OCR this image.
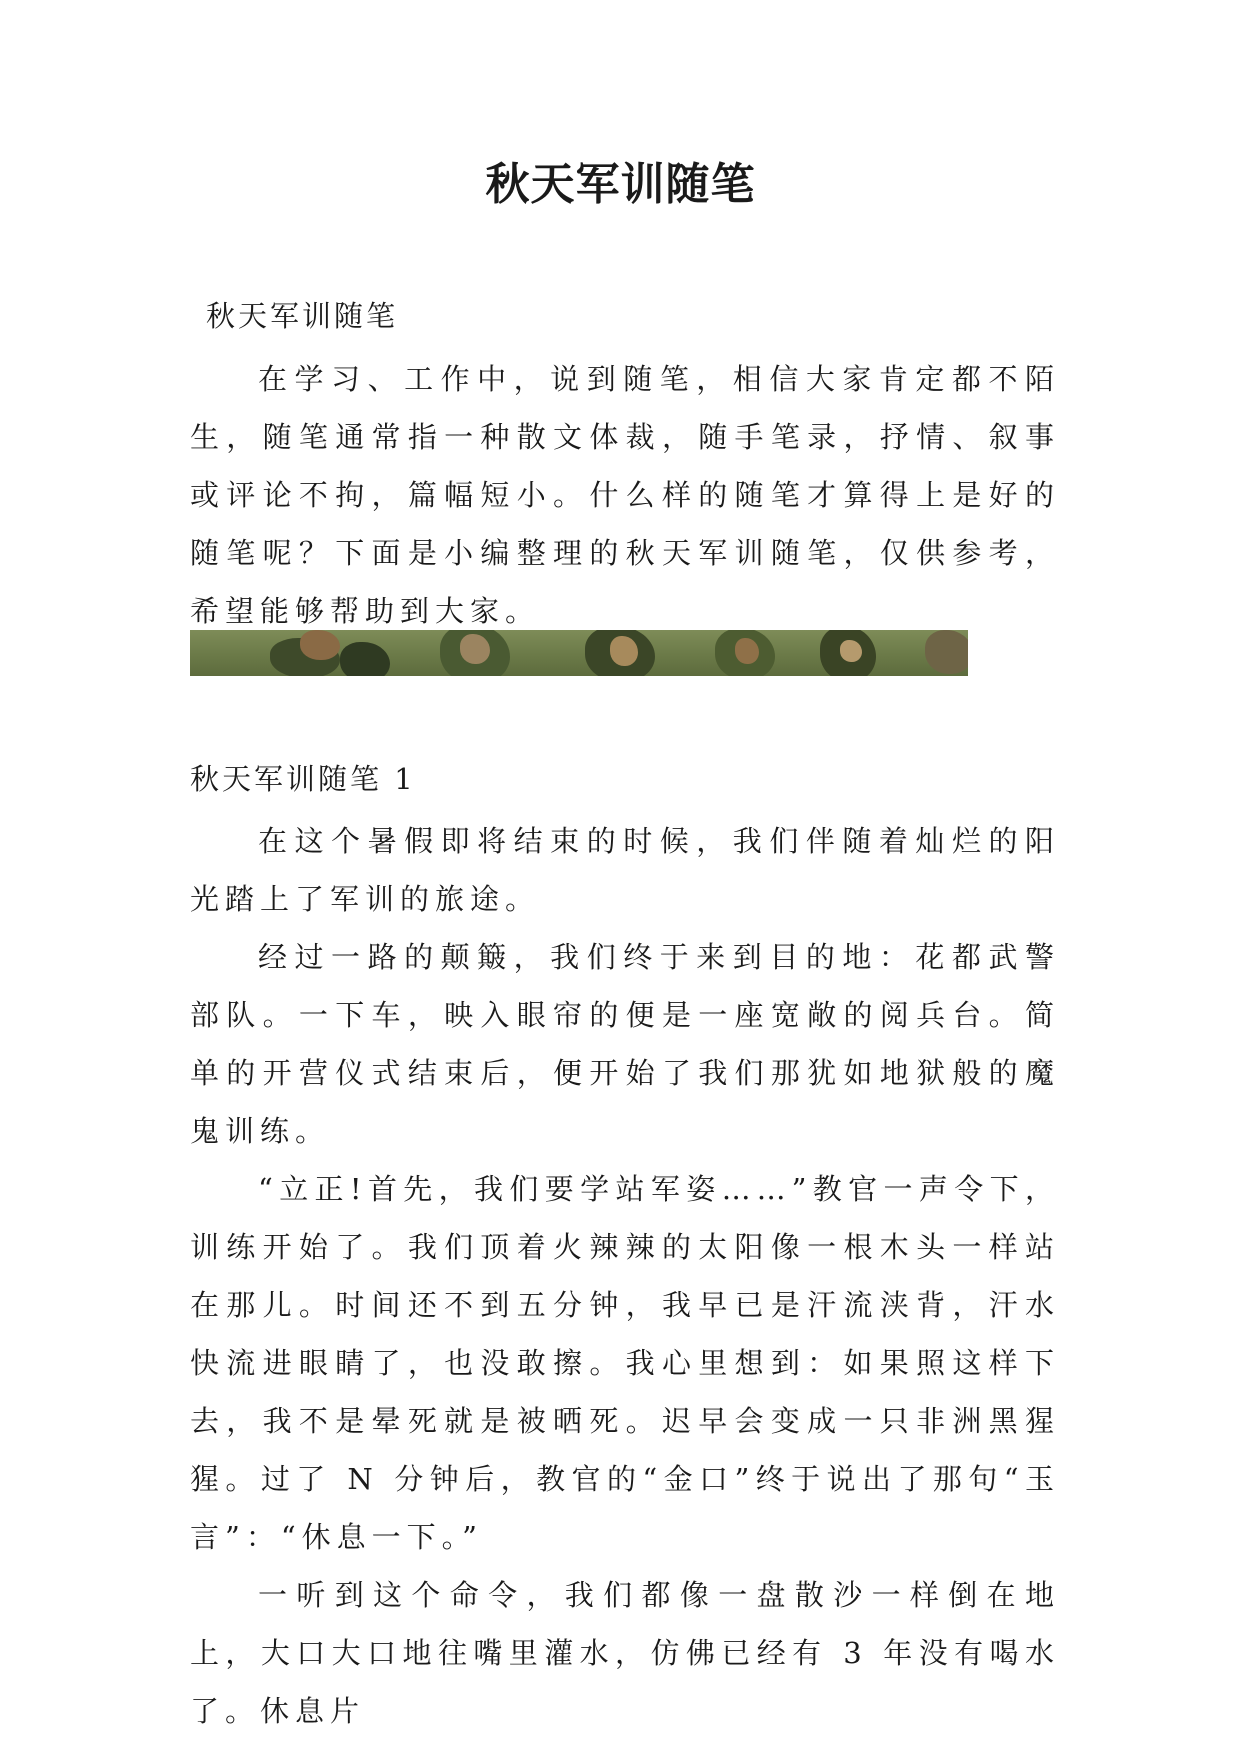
秋天军训随笔
秋天军训随笔

在学习、工作中，说到随笔，相信大家肯定都不陌生，随笔通常指一种散文体裁，随手笔录，抒情、叙事或评论不拘，篇幅短小。什么样的随笔才算得上是好的随笔呢？下面是小编整理的秋天军训随笔，仅供参考，希望能够帮助到大家。

秋天军训随笔 1

在这个暑假即将结束的时候，我们伴随着灿烂的阳光踏上了军训的旅途。

经过一路的颠簸，我们终于来到目的地：花都武警部队。一下车，映入眼帘的便是一座宽敞的阅兵台。简单的开营仪式结束后，便开始了我们那犹如地狱般的魔鬼训练。

“立正!首先，我们要学站军姿……”教官一声令下，训练开始了。我们顶着火辣辣的太阳像一根木头一样站在那儿。时间还不到五分钟，我早已是汗流浃背，汗水快流进眼睛了，也没敢擦。我心里想到：如果照这样下去，我不是晕死就是被晒死。迟早会变成一只非洲黑猩猩。过了 N 分钟后，教官的“金口”终于说出了那句“玉言”：“休息一下。”

一听到这个命令，我们都像一盘散沙一样倒在地上，大口大口地往嘴里灌水，仿佛已经有 3 年没有喝水了。休息片
